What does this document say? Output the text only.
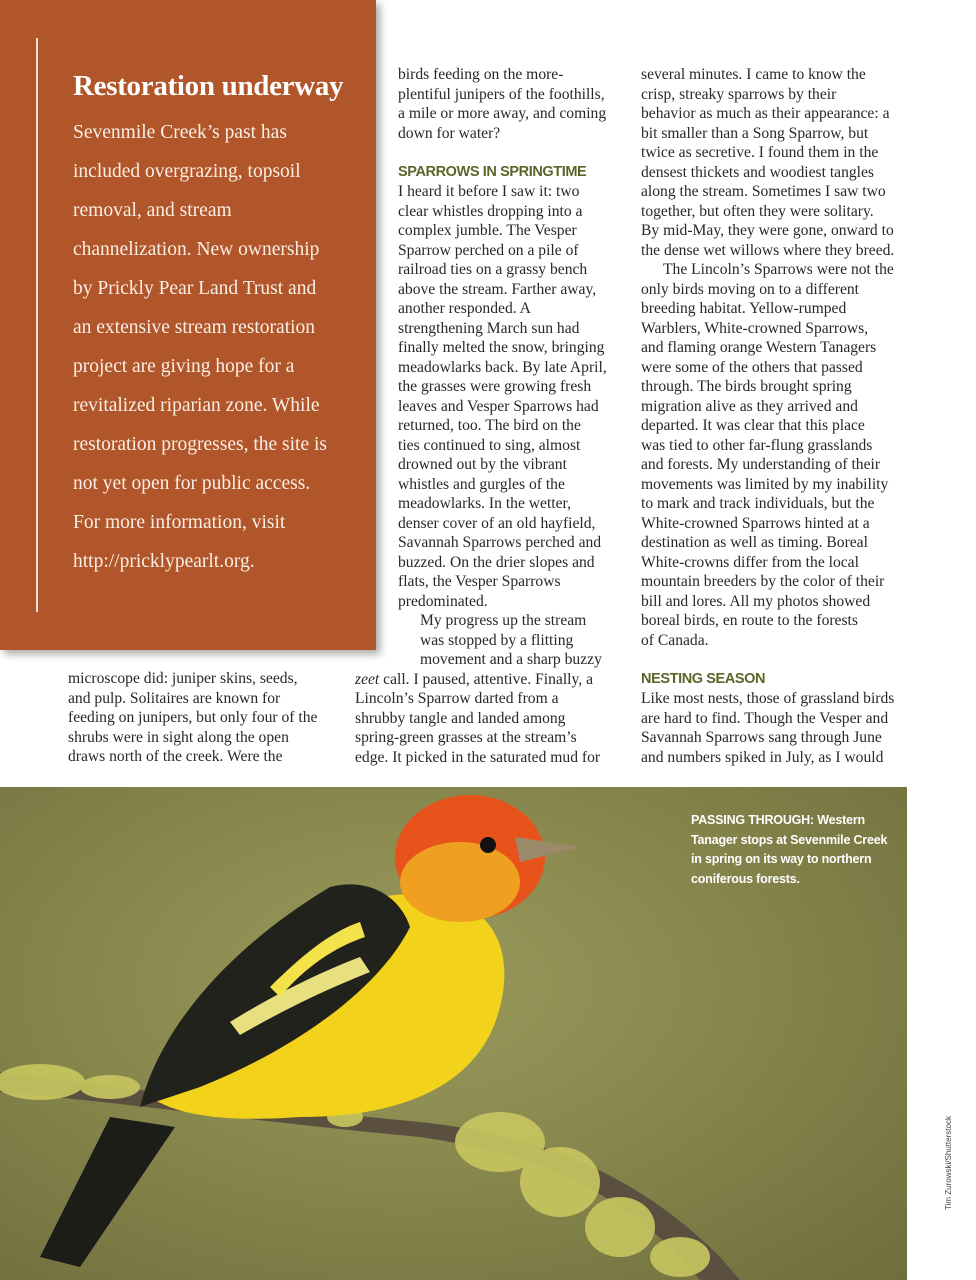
Restoration underway
Sevenmile Creek’s past has
included overgrazing, topsoil
removal, and stream
channelization. New ownership
by Prickly Pear Land Trust and
an extensive stream restoration
project are giving hope for a
revitalized riparian zone. While
restoration progresses, the site is
not yet open for public access.
For more information, visit
http://pricklypearlt.org.
microscope did: juniper skins, seeds,
and pulp. Solitaires are known for
feeding on junipers, but only four of the
shrubs were in sight along the open
draws north of the creek. Were the
birds feeding on the more-
plentiful junipers of the foothills,
a mile or more away, and coming
down for water?
SPARROWS IN SPRINGTIME
I heard it before I saw it: two
clear whistles dropping into a
complex jumble. The Vesper
Sparrow perched on a pile of
railroad ties on a grassy bench
above the stream. Farther away,
another responded. A
strengthening March sun had
finally melted the snow, bringing
meadowlarks back. By late April,
the grasses were growing fresh
leaves and Vesper Sparrows had
returned, too. The bird on the
ties continued to sing, almost
drowned out by the vibrant
whistles and gurgles of the
meadowlarks. In the wetter,
denser cover of an old hayfield,
Savannah Sparrows perched and
buzzed. On the drier slopes and
flats, the Vesper Sparrows
predominated.
My progress up the stream
was stopped by a flitting
movement and a sharp buzzy
zeet call. I paused, attentive. Finally, a
Lincoln’s Sparrow darted from a
shrubby tangle and landed among
spring-green grasses at the stream’s
edge. It picked in the saturated mud for
several minutes. I came to know the
crisp, streaky sparrows by their
behavior as much as their appearance: a
bit smaller than a Song Sparrow, but
twice as secretive. I found them in the
densest thickets and woodiest tangles
along the stream. Sometimes I saw two
together, but often they were solitary.
By mid-May, they were gone, onward to
the dense wet willows where they breed.
The Lincoln’s Sparrows were not the
only birds moving on to a different
breeding habitat. Yellow-rumped
Warblers, White-crowned Sparrows,
and flaming orange Western Tanagers
were some of the others that passed
through. The birds brought spring
migration alive as they arrived and
departed. It was clear that this place
was tied to other far-flung grasslands
and forests. My understanding of their
movements was limited by my inability
to mark and track individuals, but the
White-crowned Sparrows hinted at a
destination as well as timing. Boreal
White-crowns differ from the local
mountain breeders by the color of their
bill and lores. All my photos showed
boreal birds, en route to the forests
of Canada.
NESTING SEASON
Like most nests, those of grassland birds
are hard to find. Though the Vesper and
Savannah Sparrows sang through June
and numbers spiked in July, as I would
PASSING THROUGH: Western
Tanager stops at Sevenmile Creek
in spring on its way to northern
coniferous forests.
Tim Zurowski/Shutterstock
